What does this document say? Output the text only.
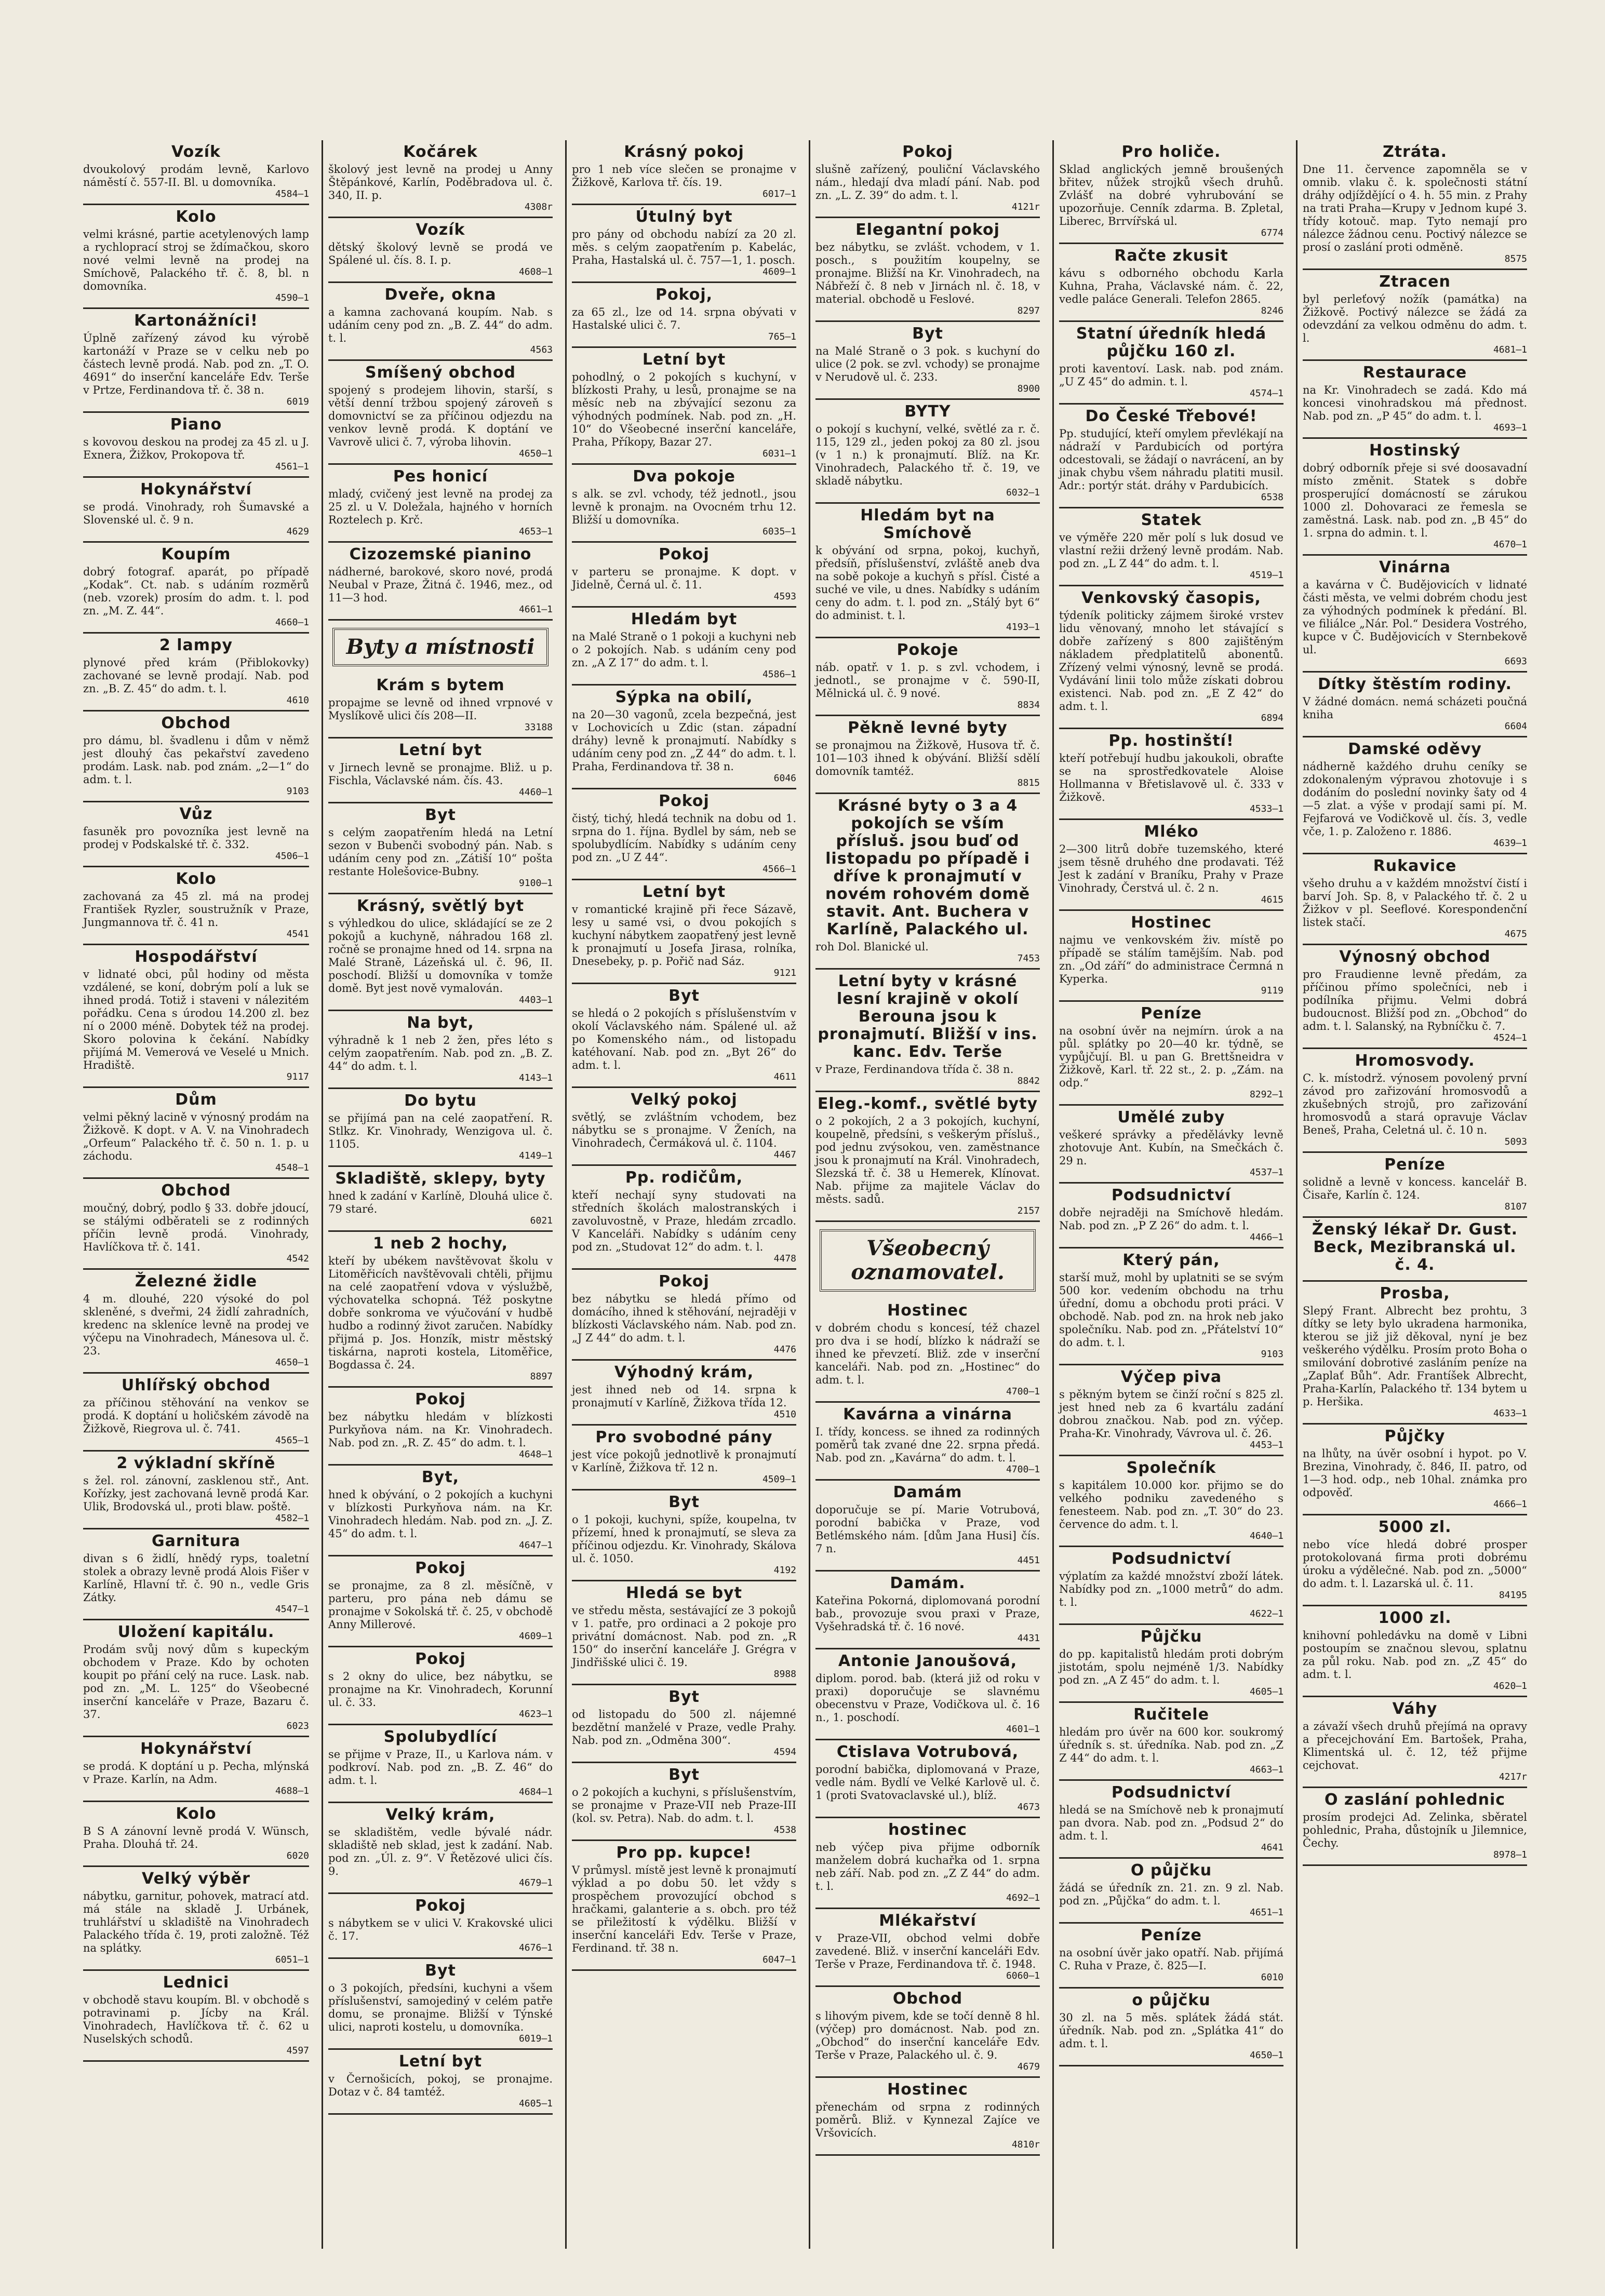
Vozík

dvoukolový prodám levně, Karlovo náměstí č. 557-II. Bl. u domovníka.

4584—1
Kolo

velmi krásné, partie acetylenových lamp a rychloprací stroj se ždímačkou, skoro nové velmi levně na prodej na Smíchově, Palackého tř. č. 8, bl. n domovníka.

4590—1
Kartonážníci!

Úplně zařízený závod ku výrobě kartonáží v Praze se v celku neb po částech levně prodá. Nab. pod zn. „T. O. 4691“ do inserční kanceláře Edv. Terše v Prtze, Ferdinandova tř. č. 38 n.

6019
Piano

s kovovou deskou na prodej za 45 zl. u J. Exnera, Žižkov, Prokopova tř.

4561—1
Hokynářství

se prodá. Vinohrady, roh Šumavské a Slovenské ul. č. 9 n.

4629
Koupím

dobrý fotograf. aparát, po případě „Kodak“. Ct. nab. s udáním rozměrů (neb. vzorek) prosím do adm. t. l. pod zn. „M. Z. 44“.

4660—1
2 lampy

plynové před krám (Přiblokovky) zachované se levně prodají. Nab. pod zn. „B. Z. 45“ do adm. t. l.

4610
Obchod

pro dámu, bl. švadlenu i dům v němž jest dlouhý čas pekařství zavedeno prodám. Lask. nab. pod znám. „2—1“ do adm. t. l.

9103
Vůz

fasuněk pro povozníka jest levně na prodej v Podskalské tř. č. 332.

4506—1
Kolo

zachovaná za 45 zl. má na prodej František Ryzler, soustružník v Praze, Jungmannova tř. č. 41 n.

4541
Hospodářství

v lidnaté obci, půl hodiny od města vzdálené, se koní, dobrým polí a luk se ihned prodá. Totiž i staveni v nálezitém pořádku. Cena s úrodou 14.200 zl. bez ní o 2000 méně. Dobytek též na prodej. Skoro polovina k čekání. Nabídky přijímá M. Vemerová ve Veselé u Mnich. Hradiště.

9117
Dům

velmi pěkný lacině v výnosný prodám na Žižkově. K dopt. v A. V. na Vinohradech „Orfeum“ Palackého tř. č. 50 n. 1. p. u záchodu.

4548—1
Obchod

moučný, dobrý, podlo § 33. dobře jdoucí, se stálými odběrateli se z rodinných příčin levně prodá. Vinohrady, Havlíčkova tř. č. 141.

4542
Železné židle

4 m. dlouhé, 220 výsoké do pol skleněné, s dveřmi, 24 židlí zahradních, kredenc na skleníce levně na prodej ve výčepu na Vinohradech, Mánesova ul. č. 23.

4650—1
Uhlířský obchod

za příčinou stěhování na venkov se prodá. K doptání u holičském závodě na Žižkově, Riegrova ul. č. 741.

4565—1
2 výkladní skříně

s žel. rol. zánovní, zasklenou stř., Ant. Kořízky, jest zachovaná levně prodá Kar. Ulik, Brodovská ul., proti blaw. poště.

4582—1
Garnitura

divan s 6 židlí, hnědý ryps, toaletní stolek a obrazy levně prodá Alois Fišer v Karlíně, Hlavní tř. č. 90 n., vedle Gris Zátky.

4547—1
Uložení kapitálu.

Prodám svůj nový dům s kupeckým obchodem v Praze. Kdo by ochoten koupit po přání celý na ruce. Lask. nab. pod zn. „M. L. 125“ do Všeobecné inserční kanceláře v Praze, Bazaru č. 37.

6023
Hokynářství

se prodá. K doptání u p. Pecha, mlýnská v Praze. Karlín, na Adm.

4688—1
Kolo

B S A zánovní levně prodá V. Wünsch, Praha. Dlouhá tř. 24.

6020
Velký výběr

nábytku, garnitur, pohovek, matrací atd. má stále na skladě J. Urbánek, truhlářství u skladiště na Vinohradech Palackého třída č. 19, proti založně. Též na splátky.

6051—1
Lednici

v obchodě stavu koupím. Bl. v obchodě s potravinami p. Jícby na Král. Vinohradech, Havlíčkova tř. č. 62 u Nuselských schodů.

4597
Kočárek

školový jest levně na prodej u Anny Štěpánkové, Karlín, Poděbradova ul. č. 340, II. p.

4308r
Vozík

dětský školový levně se prodá ve Spálené ul. čís. 8. I. p.

4608—1
Dveře, okna

a kamna zachovaná koupím. Nab. s udáním ceny pod zn. „B. Z. 44“ do adm. t. l.

4563
Smíšený obchod

spojený s prodejem lihovin, starší, s větší denní tržbou spojený zároveň s domovnictví se za příčinou odjezdu na venkov levně prodá. K doptání ve Vavrově ulici č. 7, výroba lihovin.

4650—1
Pes honicí

mladý, cvičený jest levně na prodej za 25 zl. u V. Doležala, hajného v horních Roztelech p. Krč.

4653—1
Cizozemské pianino

nádherné, barokové, skoro nové, prodá Neubal v Praze, Žitná č. 1946, mez., od 11—3 hod.

4661—1
Byty a místnosti
Krám s bytem

propajme se levně od ihned vrpnové v Myslíkově ulici čís 208—II.

33188
Letní byt

v Jirnech levně se pronajme. Bliž. u p. Fischla, Václavské nám. čís. 43.

4460—1
Byt

s celým zaopatřením hledá na Letní sezon v Bubenči svobodný pán. Nab. s udáním ceny pod zn. „Zátiší 10“ pošta restante Holešovice-Bubny.

9100—1
Krásný, světlý byt

s výhledkou do ulice, skládající se ze 2 pokojů a kuchyně, náhradou 168 zl. ročně se pronajme hned od 14. srpna na Malé Straně, Lázeňská ul. č. 96, II. poschodí. Bližší u domovníka v tomže domě. Byt jest nově vymalován.

4403—1
Na byt,

výhradně k 1 neb 2 žen, přes léto s celým zaopatřením. Nab. pod zn. „B. Z. 44“ do adm. t. l.

4143—1
Do bytu

se přijímá pan na celé zaopatření. R. Stlkz. Kr. Vinohrady, Wenzigova ul. č. 1105.

4149—1
Skladiště, sklepy, byty

hned k zadání v Karlíně, Dlouhá ulice č. 79 staré.

6021
1 neb 2 hochy,

kteří by ubékem navštěvovat školu v Litoměřicích navštěvovali chtěli, přijmu na celé zaopatření vdova v výslužbě, výchovatelka schopná. Též poskytne dobře sonkroma ve výučování v hudbě hudbo a rodinný život zaručen. Nabídky přijmá p. Jos. Honzík, mistr městský tiskárna, naproti kostela, Litoměřice, Bogdassa č. 24.

8897
Pokoj

bez nábytku hledám v blízkosti Purkyňova nám. na Kr. Vinohradech. Nab. pod zn. „R. Z. 45“ do adm. t. l.

4648—1
Byt,

hned k obývání, o 2 pokojích a kuchyni v blízkosti Purkyňova nám. na Kr. Vinohradech hledám. Nab. pod zn. „J. Z. 45“ do adm. t. l.

4647—1
Pokoj

se pronajme, za 8 zl. měsíčně, v parteru, pro pána neb dámu se pronajme v Sokolská tř. č. 25, v obchodě Anny Millerové.

4609—1
Pokoj

s 2 okny do ulice, bez nábytku, se pronajme na Kr. Vinohradech, Korunní ul. č. 33.

4623—1
Spolubydlící

se přijme v Praze, II., u Karlova nám. v podkroví. Nab. pod zn. „B. Z. 46“ do adm. t. l.

4684—1
Velký krám,

se skladištěm, vedle bývalé nádr. skladiště neb sklad, jest k zadání. Nab. pod zn. „Úl. z. 9“. V Řetězové ulici čís. 9.

4679—1
Pokoj

s nábytkem se v ulici V. Krakovské ulici č. 17.

4676—1
Byt

o 3 pokojích, předsíni, kuchyni a všem příslušenství, samojediný v celém patře domu, se pronajme. Bližší v Týnské ulici, naproti kostelu, u domovníka.

6019—1
Letní byt

v Černošicích, pokoj, se pronajme. Dotaz v č. 84 tamtéž.

4605—1
Krásný pokoj

pro 1 neb více slečen se pronajme v Žižkově, Karlova tř. čís. 19.

6017—1
Útulný byt

pro pány od obchodu nabízí za 20 zl. měs. s celým zaopatřením p. Kabelác, Praha, Hastalská ul. č. 757—1, 1. posch.

4609—1
Pokoj,

za 65 zl., lze od 14. srpna obývati v Hastalské ulici č. 7.

765—1
Letní byt

pohodlný, o 2 pokojích s kuchyní, v blízkosti Prahy, u lesů, pronajme se na měsíc neb na zbývající sezonu za výhodných podmínek. Nab. pod zn. „H. 10“ do Všeobecné inserční kanceláře, Praha, Příkopy, Bazar 27.

6031—1
Dva pokoje

s alk. se zvl. vchody, též jednotl., jsou levně k pronajm. na Ovocném trhu 12. Bližší u domovníka.

6035—1
Pokoj

v parteru se pronajme. K dopt. v Jidelně, Černá ul. č. 11.

4593
Hledám byt

na Malé Straně o 1 pokoji a kuchyni neb o 2 pokojích. Nab. s udáním ceny pod zn. „A Z 17“ do adm. t. l.

4586—1
Sýpka na obilí,

na 20—30 vagonů, zcela bezpečná, jest v Lochovicích u Zdic (stan. západní dráhy) levně k pronajmutí. Nabídky s udáním ceny pod zn. „Z 44“ do adm. t. l. Praha, Ferdinandova tř. 38 n.

6046
Pokoj

čistý, tichý, hledá technik na dobu od 1. srpna do 1. října. Bydlel by sám, neb se spolubydlícím. Nabídky s udáním ceny pod zn. „U Z 44“.

4566—1
Letní byt

v romantické krajině při řece Sázavě, lesy u samé vsi, o dvou pokojích s kuchyní nábytkem zaopatřený jest levně k pronajmutí u Josefa Jirasa, rolníka, Dnesebeky, p. p. Pořič nad Sáz.

9121
Byt

se hledá o 2 pokojích s příslušenstvím v okolí Václavského nám. Spálené ul. až po Komenského nám., od listopadu katéhovaní. Nab. pod zn. „Byt 26“ do adm. t. l.

4611
Velký pokoj

světlý, se zvláštním vchodem, bez nábytku se s pronajme. V Ženích, na Vinohradech, Čermáková ul. č. 1104.

4467
Pp. rodičům,

kteří nechají syny studovati na středních školách malostranských i zavoluvostně, v Praze, hledám zrcadlo. V Kanceláři. Nabídky s udáním ceny pod zn. „Studovat 12“ do adm. t. l.

4478
Pokoj

bez nábytku se hledá přímo od domácího, ihned k stěhování, nejraději v blízkosti Václavského nám. Nab. pod zn. „J Z 44“ do adm. t. l.

4476
Výhodný krám,

jest ihned neb od 14. srpna k pronajmutí v Karlíně, Žižkova třída 12.

4510
Pro svobodné pány

jest více pokojů jednotlivě k pronajmutí v Karlíně, Žižkova tř. 12 n.

4509—1
Byt

o 1 pokoji, kuchyni, spíže, koupelna, tv přízemí, hned k pronajmutí, se sleva za příčinou odjezdu. Kr. Vinohrady, Skálova ul. č. 1050.

4192
Hledá se byt

ve středu města, sestávající ze 3 pokojů v 1. patře, pro ordinaci a 2 pokoje pro privátní domácnost. Nab. pod zn. „R 150“ do inserční kanceláře J. Grégra v Jindřišské ulici č. 19.

8988
Byt

od listopadu do 500 zl. nájemné bezdětní manželé v Praze, vedle Prahy. Nab. pod zn. „Odměna 300“.

4594
Byt

o 2 pokojích a kuchyni, s příslušenstvím, se pronajme v Praze-VII neb Praze-III (kol. sv. Petra). Nab. do adm. t. l.

4538
Pro pp. kupce!

V průmysl. místě jest levně k pronajmutí výklad a po dobu 50. let vždy s prospěchem provozující obchod s hračkami, galanterie a s. obch. pro též se přiležitostí k výdělku. Bližší v inserční kanceláři Edv. Terše v Praze, Ferdinand. tř. 38 n.

6047—1
Pokoj

slušně zařízený, pouliční Václavského nám., hledají dva mladí pání. Nab. pod zn. „L. Z. 39“ do adm. t. l.

4121r
Elegantní pokoj

bez nábytku, se zvlášt. vchodem, v 1. posch., s použitím koupelny, se pronajme. Bližší na Kr. Vinohradech, na Nábřeží č. 8 neb v Jirnách nl. č. 18, v material. obchodě u Feslové.

8297
Byt

na Malé Straně o 3 pok. s kuchyní do ulice (2 pok. se zvl. vchody) se pronajme v Nerudově ul. č. 233.

8900
BYTY

o pokojí s kuchyní, velké, světlé za r. č. 115, 129 zl., jeden pokoj za 80 zl. jsou (v 1 n.) k pronajmutí. Blíž. na Kr. Vinohradech, Palackého tř. č. 19, ve skladě nábytku.

6032—1
Hledám byt na Smíchově

k obývání od srpna, pokoj, kuchyň, předsíň, příslušenství, zvláště aneb dva na sobě pokoje a kuchyň s přísl. Čisté a suché ve vile, u dnes. Nabídky s udáním ceny do adm. t. l. pod zn. „Stálý byt 6“ do administ. t. l.

4193—1
Pokoje

náb. opatř. v 1. p. s zvl. vchodem, i jednotl., se pronajme v č. 590-II, Mělnická ul. č. 9 nové.

8834
Pěkně levné byty

se pronajmou na Žižkově, Husova tř. č. 101—103 ihned k obývání. Bližší sdělí domovník tamtéž.

8815
Krásné byty o 3 a 4 pokojích se vším přísluš. jsou buď od listopadu po případě i dříve k pronajmutí v novém rohovém domě stavit. Ant. Buchera v Karlíně, Palackého ul.

roh Dol. Blanické ul.

7453
Letní byty v krásné lesní krajině v okolí Berouna jsou k pronajmutí. Bližší v ins. kanc. Edv. Terše

v Praze, Ferdinandova třída č. 38 n.

8842
Eleg.-komf., světlé byty

o 2 pokojích, 2 a 3 pokojích, kuchyní, koupelně, předsíni, s veškerým přísluš., pod jednu zvýsokou, ven. zaměstnance jsou k pronajmutí na Král. Vinohradech, Slezská tř. č. 38 u Hemerek, Klínovat. Nab. přijme za majitele Václav do městs. sadů.

2157
Všeobecný oznamovatel.
Hostinec

v dobrém chodu s koncesí, též chazel pro dva i se hodí, blízko k nádraží se ihned ke převzetí. Bliž. zde v inserční kanceláři. Nab. pod zn. „Hostinec“ do adm. t. l.

4700—1
Kavárna a vinárna

I. třídy, koncess. se ihned za rodinných poměrů tak zvané dne 22. srpna předá. Nab. pod zn. „Kavárna“ do adm. t. l.

4700—1
Damám

doporučuje se pí. Marie Votrubová, porodní babička v Praze, vod Betlémského nám. [dům Jana Husi] čís. 7 n.

4451
Damám.

Kateřina Pokorná, diplomovaná porodní bab., provozuje svou praxi v Praze, Vyšehradská tř. č. 16 nové.

4431
Antonie Janoušová,

diplom. porod. bab. (která již od roku v praxi) doporučuje se slavnému obecenstvu v Praze, Vodičkova ul. č. 16 n., 1. poschodí.

4601—1
Ctislava Votrubová,

porodní babička, diplomovaná v Praze, vedle nám. Bydlí ve Velké Karlově ul. č. 1 (proti Svatovaclavské ul.), blíž.

4673
hostinec

neb výčep piva přijme odborník manželem dobrá kuchařka od 1. srpna neb září. Nab. pod zn. „Z Z 44“ do adm. t. l.

4692—1
Mlékařství

v Praze-VII, obchod velmi dobře zavedené. Bliž. v inserční kanceláři Edv. Terše v Praze, Ferdinandova tř. č. 1948.

6060—1
Obchod

s lihovým pivem, kde se točí denně 8 hl. (výčep) pro domácnost. Nab. pod zn. „Obchod“ do inserční kanceláře Edv. Terše v Praze, Palackého ul. č. 9.

4679
Hostinec

přenechám od srpna z rodinných poměrů. Bliž. v Kynnezal Zajíce ve Vršovicích.

4810r
Pro holiče.

Sklad anglických jemně broušených břitev, nůžek strojků všech druhů. Zvlášť na dobré vyhrubování se upozorňuje. Cenník zdarma. B. Zpletal, Liberec, Brrvířská ul.

6774
Račte zkusit

kávu s odborného obchodu Karla Kuhna, Praha, Václavské nám. č. 22, vedle paláce Generali. Telefon 2865.

8246
Statní úředník hledá půjčku 160 zl.

proti kaventoví. Lask. nab. pod znám. „U Z 45“ do admin. t. l.

4574—1
Do České Třebové!

Pp. studující, kteří omylem převlékají na nádraží v Pardubicích od portýra odcestovali, se žádají o navrácení, an by jinak chybu všem náhradu platiti musil. Adr.: portýr stát. dráhy v Pardubicích.

6538
Statek

ve výměře 220 měr polí s luk dosud ve vlastní režii držený levně prodám. Nab. pod zn. „L Z 44“ do adm. t. l.

4519—1
Venkovský časopis,

týdeník politicky zájmem široké vrstev lidu věnovaný, mnoho let stávající s dobře zařízený s 800 zajištěným nákladem předplatitelů abonentů. Zřízený velmi výnosný, levně se prodá. Vydávání linii tolo může získati dobrou existenci. Nab. pod zn. „E Z 42“ do adm. t. l.

6894
Pp. hostinští!

kteří potřebují hudbu jakoukoli, obraťte se na sprostředkovatele Aloise Hollmanna v Břetislavově ul. č. 333 v Žižkově.

4533—1
Mléko

2—300 litrů dobře tuzemského, které jsem těsně druhého dne prodavati. Též Jest k zadání v Braníku, Prahy v Praze Vinohrady, Čerstvá ul. č. 2 n.

4615
Hostinec

najmu ve venkovském živ. místě po případě se stálím tamějším. Nab. pod zn. „Od září“ do administrace Čermná n Kyperka.

9119
Peníze

na osobní úvěr na nejmírn. úrok a na půl. splátky po 20—40 kr. týdně, se vypůjčují. Bl. u pan G. Brettšneidra v Žižkově, Karl. tř. 22 st., 2. p. „Zám. na odp.“

8292—1
Umělé zuby

veškeré správky a předělávky levně zhotovuje Ant. Kubín, na Smečkách č. 29 n.

4537—1
Podsudnictví

dobře nejraději na Smíchově hledám. Nab. pod zn. „P Z 26“ do adm. t. l.

4466—1
Který pán,

starší muž, mohl by uplatniti se se svým 500 kor. vedením obchodu na trhu úřední, domu a obchodu proti práci. V obchodě. Nab. pod zn. na hrok neb jako společníku. Nab. pod zn. „Přátelství 10“ do adm. t. l.

9103
Výčep piva

s pěkným bytem se činží roční s 825 zl. jest hned neb za 6 kvartálu zadání dobrou značkou. Nab. pod zn. výčep. Praha-Kr. Vinohrady, Vávrova ul. č. 26.

4453—1
Společník

s kapitálem 10.000 kor. přijmo se do velkého podniku zavedeného s fenesteem. Nab. pod zn. „T. 30“ do 23. července do adm. t. l.

4640—1
Podsudnictví

výplatím za každé množství zboží látek. Nabídky pod zn. „1000 metrů“ do adm. t. l.

4622—1
Půjčku

do pp. kapitalistů hledám proti dobrým jistotám, spolu nejméně 1/3. Nabídky pod zn. „A Z 45“ do adm. t. l.

4605—1
Ručitele

hledám pro úvěr na 600 kor. soukromý úředník s. st. úředníka. Nab. pod zn. „Z Z 44“ do adm. t. l.

4663—1
Podsudnictví

hledá se na Smíchově neb k pronajmutí pan dvora. Nab. pod zn. „Podsud 2“ do adm. t. l.

4641
O půjčku

žádá se úředník zn. 21. zn. 9 zl. Nab. pod zn. „Půjčka“ do adm. t. l.

4651—1
Peníze

na osobní úvěr jako opatří. Nab. přijímá C. Ruha v Praze, č. 825—I.

6010
o půjčku

30 zl. na 5 měs. splátek žádá stát. úředník. Nab. pod zn. „Splátka 41“ do adm. t. l.

4650—1
Ztráta.

Dne 11. července zapomněla se v omnib. vlaku č. k. společnosti státní dráhy odjíždějící o 4. h. 55 min. z Prahy na trati Praha—Krupy v Jednom kupé 3. třídy kotouč. map. Tyto nemají pro nálezce žádnou cenu. Poctivý nálezce se prosí o zaslání proti odměně.

8575
Ztracen

byl perleťový nožík (památka) na Žižkově. Poctivý nálezce se žádá za odevzdání za velkou odměnu do adm. t. l.

4681—1
Restaurace

na Kr. Vinohradech se zadá. Kdo má koncesi vinohradskou má přednost. Nab. pod zn. „P 45“ do adm. t. l.

4693—1
Hostinský

dobrý odborník přeje si své doosavadní místo změnit. Statek s dobře prosperující domácností se zárukou 1000 zl. Dohovaraci ze řemesla se zaměstná. Lask. nab. pod zn. „B 45“ do 1. srpna do admin. t. l.

4670—1
Vinárna

a kavárna v Č. Budějovicích v lidnaté části města, ve velmi dobrém chodu jest za výhodných podmínek k předání. Bl. ve filiálce „Nár. Pol.“ Desidera Vostrého, kupce v Č. Budějovicích v Sternbekově ul.

6693
Dítky štěstím rodiny.

V žádné domácn. nemá scházeti poučná kniha

6604
Damské oděvy

nádherně každého druhu ceníky se zdokonaleným výpravou zhotovuje i s dodáním do poslední novinky šaty od 4—5 zlat. a výše v prodají sami pí. M. Fejfarová ve Vodičkově ul. čís. 3, vedle vče, 1. p. Založeno r. 1886.

4639—1
Rukavice

všeho druhu a v každém množství čistí i barví Joh. Sp. 8, v Palackého tř. č. 2 u Žižkov v pl. Seeflové. Korespondenční listek stačí.

4675
Výnosný obchod

pro Fraudienne levně předám, za příčinou přímo společníci, neb i podílníka přijmu. Velmi dobrá budoucnost. Bližší pod zn. „Obchod“ do adm. t. l. Salanský, na Rybníčku č. 7.

4524—1
Hromosvody.

C. k. místodrž. výnosem povolený první závod pro zařizování hromosvodů a zkušebných strojů, pro zařizování hromosvodů a stará opravuje Václav Beneš, Praha, Celetná ul. č. 10 n.

5093
Peníze

solidně a levně v koncess. kancelář B. Čisaře, Karlín č. 124.

8107
Ženský lékař Dr. Gust. Beck, Mezibranská ul. č. 4.
Prosba,

Slepý Frant. Albrecht bez prohtu, 3 dítky se lety bylo ukradena harmonika, kterou se již již děkoval, nyní je bez veškerého výdělku. Prosím proto Boha o smilování dobrotivé zasláním peníze na „Zaplať Bůh“. Adr. Frantíšek Albrecht, Praha-Karlín, Palackého tř. 134 bytem u p. Heršika.

4633—1
Půjčky

na lhůty, na úvěr osobní i hypot. po V. Brezina, Vinohrady, č. 846, II. patro, od 1—3 hod. odp., neb 10hal. známka pro odpověď.

4666—1
5000 zl.

nebo více hledá dobré prosper protokolovaná firma proti dobrému úroku a výdělečné. Nab. pod zn. „5000“ do adm. t. l. Lazarská ul. č. 11.

84195
1000 zl.

knihovní pohledávku na domě v Libni postoupím se značnou slevou, splatnu za půl roku. Nab. pod zn. „Z 45“ do adm. t. l.

4620—1
Váhy

a závaží všech druhů přejímá na opravy a přecejchování Em. Bartošek, Praha, Klimentská ul. č. 12, též přijme cejchovat.

4217r
O zaslání pohlednic

prosím prodejci Ad. Zelinka, sběratel pohlednic, Praha, důstojník u Jilemnice, Čechy.

8978—1
